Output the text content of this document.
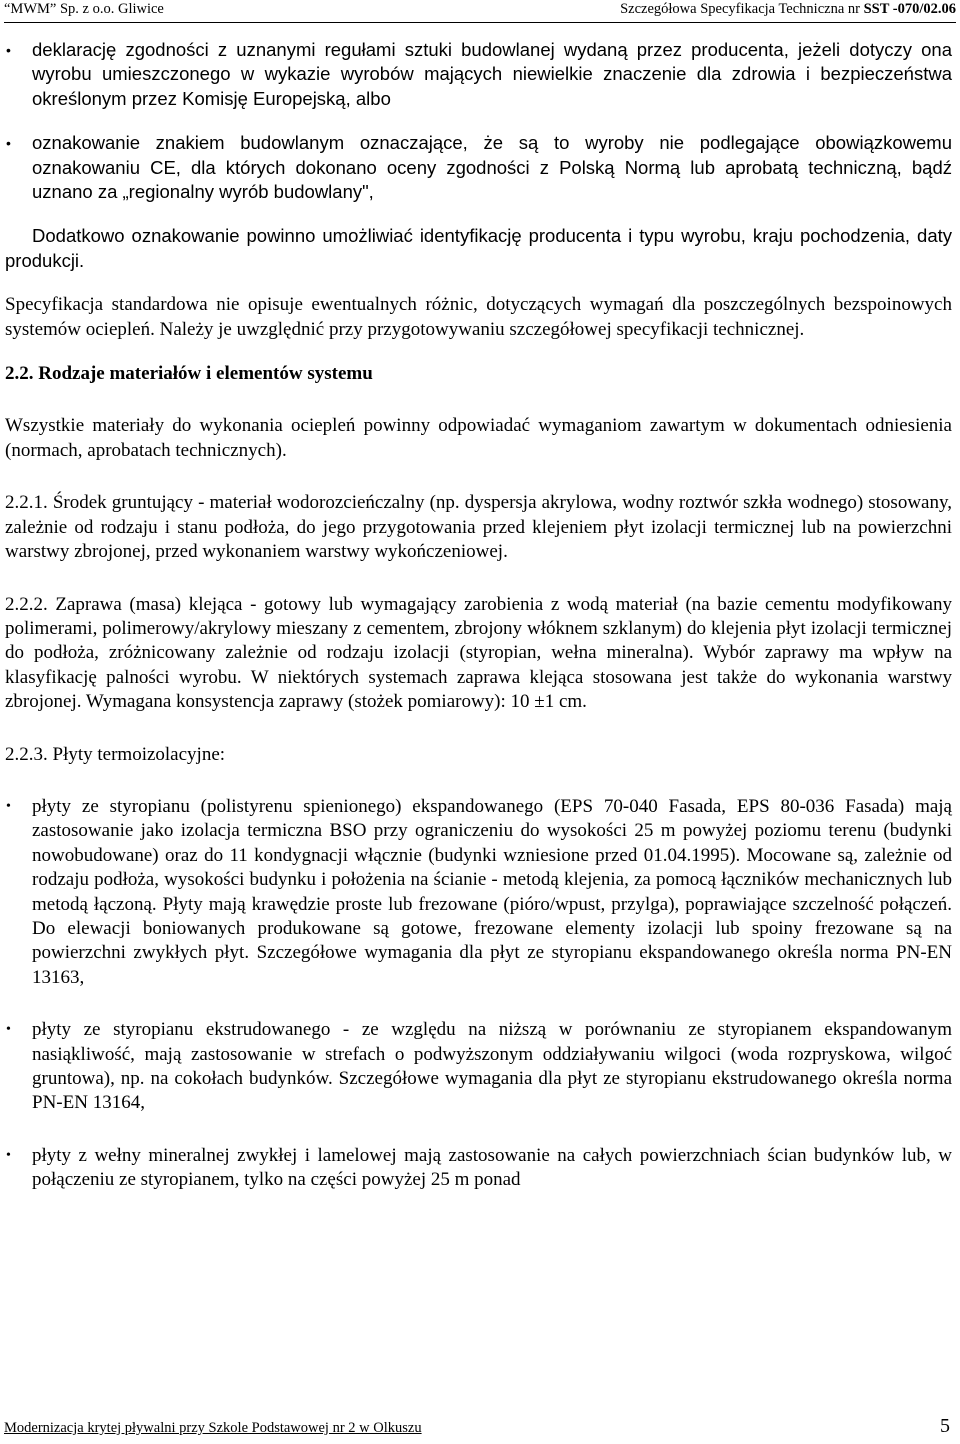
“MWM” Sp. z o.o. Gliwice	Szczegółowa Specyfikacja Techniczna nr SST -070/02.06

• deklarację zgodności z uznanymi regułami sztuki budowlanej wydaną przez producenta, jeżeli dotyczy ona wyrobu umieszczonego w wykazie wyrobów mających niewielkie znaczenie dla zdrowia i bezpieczeństwa określonym przez Komisję Europejską, albo

• oznakowanie znakiem budowlanym oznaczające, że są to wyroby nie podlegające obowiązkowemu oznakowaniu CE, dla których dokonano oceny zgodności z Polską Normą lub aprobatą techniczną, bądź uznano za „regionalny wyrób budowlany",

Dodatkowo oznakowanie powinno umożliwiać identyfikację producenta i typu wyrobu, kraju pochodzenia, daty produkcji.

Specyfikacja standardowa nie opisuje ewentualnych różnic, dotyczących wymagań dla poszczególnych bezspoinowych systemów ociepleń. Należy je uwzględnić przy przygotowywaniu szczegółowej specyfikacji technicznej.

2.2. Rodzaje materiałów i elementów systemu

Wszystkie materiały do wykonania ociepleń powinny odpowiadać wymaganiom zawartym w dokumentach odniesienia (normach, aprobatach technicznych).

2.2.1. Środek gruntujący - materiał wodorozcieńczalny (np. dyspersja akrylowa, wodny roztwór szkła wodnego) stosowany, zależnie od rodzaju i stanu podłoża, do jego przygotowania przed klejeniem płyt izolacji termicznej lub na powierzchni warstwy zbrojonej, przed wykonaniem warstwy wykończeniowej.

2.2.2. Zaprawa (masa) klejąca - gotowy lub wymagający zarobienia z wodą materiał (na bazie cementu modyfikowany polimerami, polimerowy/akrylowy mieszany z cementem, zbrojony włóknem szklanym) do klejenia płyt izolacji termicznej do podłoża, zróżnicowany zależnie od rodzaju izolacji (styropian, wełna mineralna). Wybór zaprawy ma wpływ na klasyfikację palności wyrobu. W niektórych systemach zaprawa klejąca stosowana jest także do wykonania warstwy zbrojonej. Wymagana konsystencja zaprawy (stożek pomiarowy): 10 ±1 cm.

2.2.3. Płyty termoizolacyjne:

• płyty ze styropianu (polistyrenu spienionego) ekspandowanego (EPS 70-040 Fasada, EPS 80-036 Fasada) mają zastosowanie jako izolacja termiczna BSO przy ograniczeniu do wysokości 25 m powyżej poziomu terenu (budynki nowobudowane) oraz do 11 kondygnacji włącznie (budynki wzniesione przed 01.04.1995). Mocowane są, zależnie od rodzaju podłoża, wysokości budynku i położenia na ścianie - metodą klejenia, za pomocą łączników mechanicznych lub metodą łączoną. Płyty mają krawędzie proste lub frezowane (pióro/wpust, przylga), poprawiające szczelność połączeń. Do elewacji boniowanych produkowane są gotowe, frezowane elementy izolacji lub spoiny frezowane są na powierzchni zwykłych płyt. Szczegółowe wymagania dla płyt ze styropianu ekspandowanego określa norma PN-EN 13163,

• płyty ze styropianu ekstrudowanego - ze względu na niższą w porównaniu ze styropianem ekspandowanym nasiąkliwość, mają zastosowanie w strefach o podwyższonym oddziaływaniu wilgoci (woda rozpryskowa, wilgoć gruntowa), np. na cokołach budynków. Szczegółowe wymagania dla płyt ze styropianu ekstrudowanego określa norma PN-EN 13164,

• płyty z wełny mineralnej zwykłej i lamelowej mają zastosowanie na całych powierzchniach ścian budynków lub, w połączeniu ze styropianem, tylko na części powyżej 25 m ponad

Modernizacja krytej pływalni przy Szkole Podstawowej nr 2 w Olkuszu	5
